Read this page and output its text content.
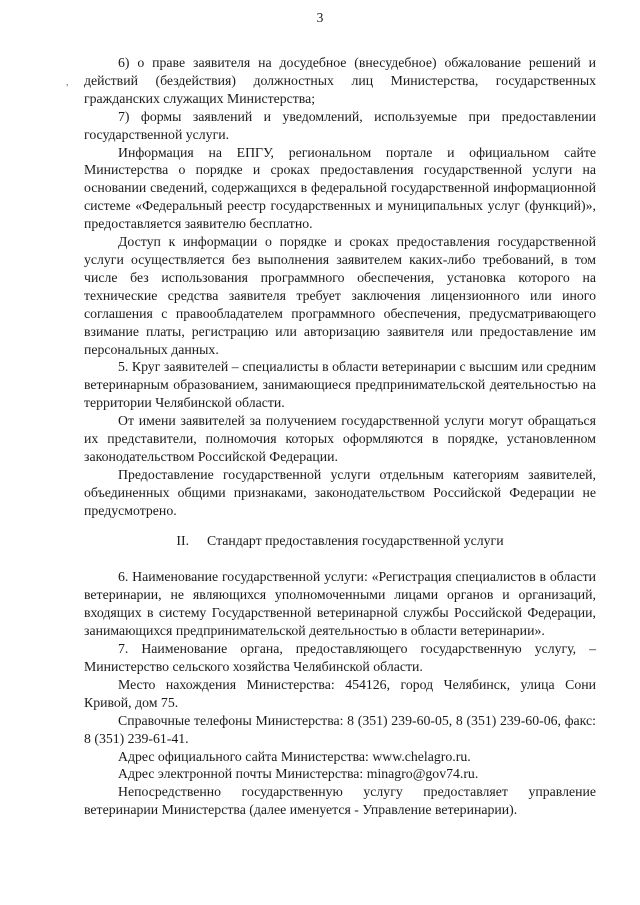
3
,

6) о праве заявителя на досудебное (внесудебное) обжалование решений и действий (бездействия) должностных лиц Министерства, государственных гражданских служащих Министерства;

7) формы заявлений и уведомлений, используемые при предоставлении государственной услуги.

Информация на ЕПГУ, региональном портале и официальном сайте Министерства о порядке и сроках предоставления государственной услуги на основании сведений, содержащихся в федеральной государственной информационной системе «Федеральный реестр государственных и муниципальных услуг (функций)», предоставляется заявителю бесплатно.

Доступ к информации о порядке и сроках предоставления государственной услуги осуществляется без выполнения заявителем каких-либо требований, в том числе без использования программного обеспечения, установка которого на технические средства заявителя требует заключения лицензионного или иного соглашения с правообладателем программного обеспечения, предусматривающего взимание платы, регистрацию или авторизацию заявителя или предоставление им персональных данных.

5. Круг заявителей – специалисты в области ветеринарии с высшим или средним ветеринарным образованием, занимающиеся предпринимательской деятельностью на территории Челябинской области.

От имени заявителей за получением государственной услуги могут обращаться их представители, полномочия которых оформляются в порядке, установленном законодательством Российской Федерации.

Предоставление государственной услуги отдельным категориям заявителей, объединенных общими признаками, законодательством Российской Федерации не предусмотрено.

II. Стандарт предоставления государственной услуги

6. Наименование государственной услуги: «Регистрация специалистов в области ветеринарии, не являющихся уполномоченными лицами органов и организаций, входящих в систему Государственной ветеринарной службы Российской Федерации, занимающихся предпринимательской деятельностью в области ветеринарии».

7. Наименование органа, предоставляющего государственную услугу, – Министерство сельского хозяйства Челябинской области.

Место нахождения Министерства: 454126, город Челябинск, улица Сони Кривой, дом 75.

Справочные телефоны Министерства: 8 (351) 239-60-05, 8 (351) 239-60-06, факс: 8 (351) 239-61-41.

Адрес официального сайта Министерства: www.chelagro.ru.

Адрес электронной почты Министерства: minagro@gov74.ru.

Непосредственно государственную услугу предоставляет управление ветеринарии Министерства (далее именуется - Управление ветеринарии).
